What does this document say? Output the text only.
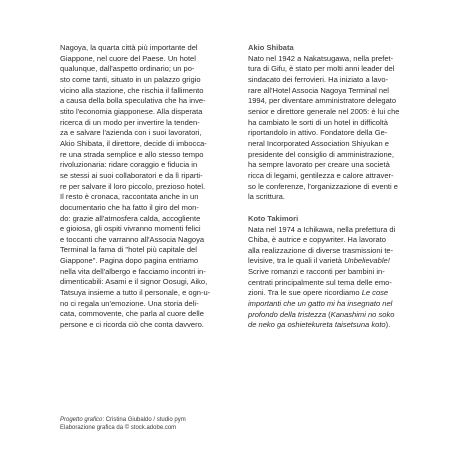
Nagoya, la quarta città più importante del
Giappone, nel cuore del Paese. Un hotel
qualunque, dall'aspetto ordinario; un po-
sto come tanti, situato in un palazzo grigio
vicino alla stazione, che rischia il fallimento
a causa della bolla speculativa che ha inve-
stito l'economia giapponese. Alla disperata
ricerca di un modo per invertire la tenden-
za e salvare l'azienda con i suoi lavoratori,
Akio Shibata, il direttore, decide di imbocca-
re una strada semplice e allo stesso tempo
rivoluzionaria: ridare coraggio e fiducia in
se stessi ai suoi collaboratori e da lì riparti-
re per salvare il loro piccolo, prezioso hotel.
Il resto è cronaca, raccontata anche in un
documentario che ha fatto il giro del mon-
do: grazie all'atmosfera calda, accogliente
e gioiosa, gli ospiti vivranno momenti felici
e toccanti che varranno all'Associa Nagoya
Terminal la fama di "hotel più capitale del
Giappone". Pagina dopo pagina entriamo
nella vita dell'albergo e facciamo incontri in-
dimenticabili: Asami e il signor Oosugi, Aiko,
Tatsuya insieme a tutto il personale, e ogn-u-
no ci regala un'emozione. Una storia deli-
cata, commovente, che parla al cuore delle
persone e ci ricorda ciò che conta davvero.
Akio Shibata
Nato nel 1942 a Nakatsugawa, nella prefet-
tura di Gifu, è stato per molti anni leader del
sindacato dei ferrovieri. Ha iniziato a lavo-
rare all'Hotel Associa Nagoya Terminal nel
1994, per diventare amministratore delegato
senior e direttore generale nel 2005: è lui che
ha cambiato le sorti di un hotel in difficoltà
riportandolo in attivo. Fondatore della Ge-
neral Incorporated Association Shiyukan e
presidente del consiglio di amministrazione,
ha sempre lavorato per creare una società
ricca di legami, gentilezza e calore attraver-
so le conferenze, l'organizzazione di eventi e
la scrittura.
Koto Takimori
Nata nel 1974 a Ichikawa, nella prefettura di
Chiba, è autrice e copywriter. Ha lavorato
alla realizzazione di diverse trasmissioni te-
levisive, tra le quali il varietà Unbelievable!
Scrive romanzi e racconti per bambini in-
centrati principalmente sul tema delle emo-
zioni. Tra le sue opere ricordiamo Le cose
importanti che un gatto mi ha insegnato nel
profondo della tristezza (Kanashimi no soko
de neko ga oshietekureta taisetsuna koto).
Progetto grafico: Cristina Giubaldo / studio pym
Elaborazione grafica da © stock.adobe.com
